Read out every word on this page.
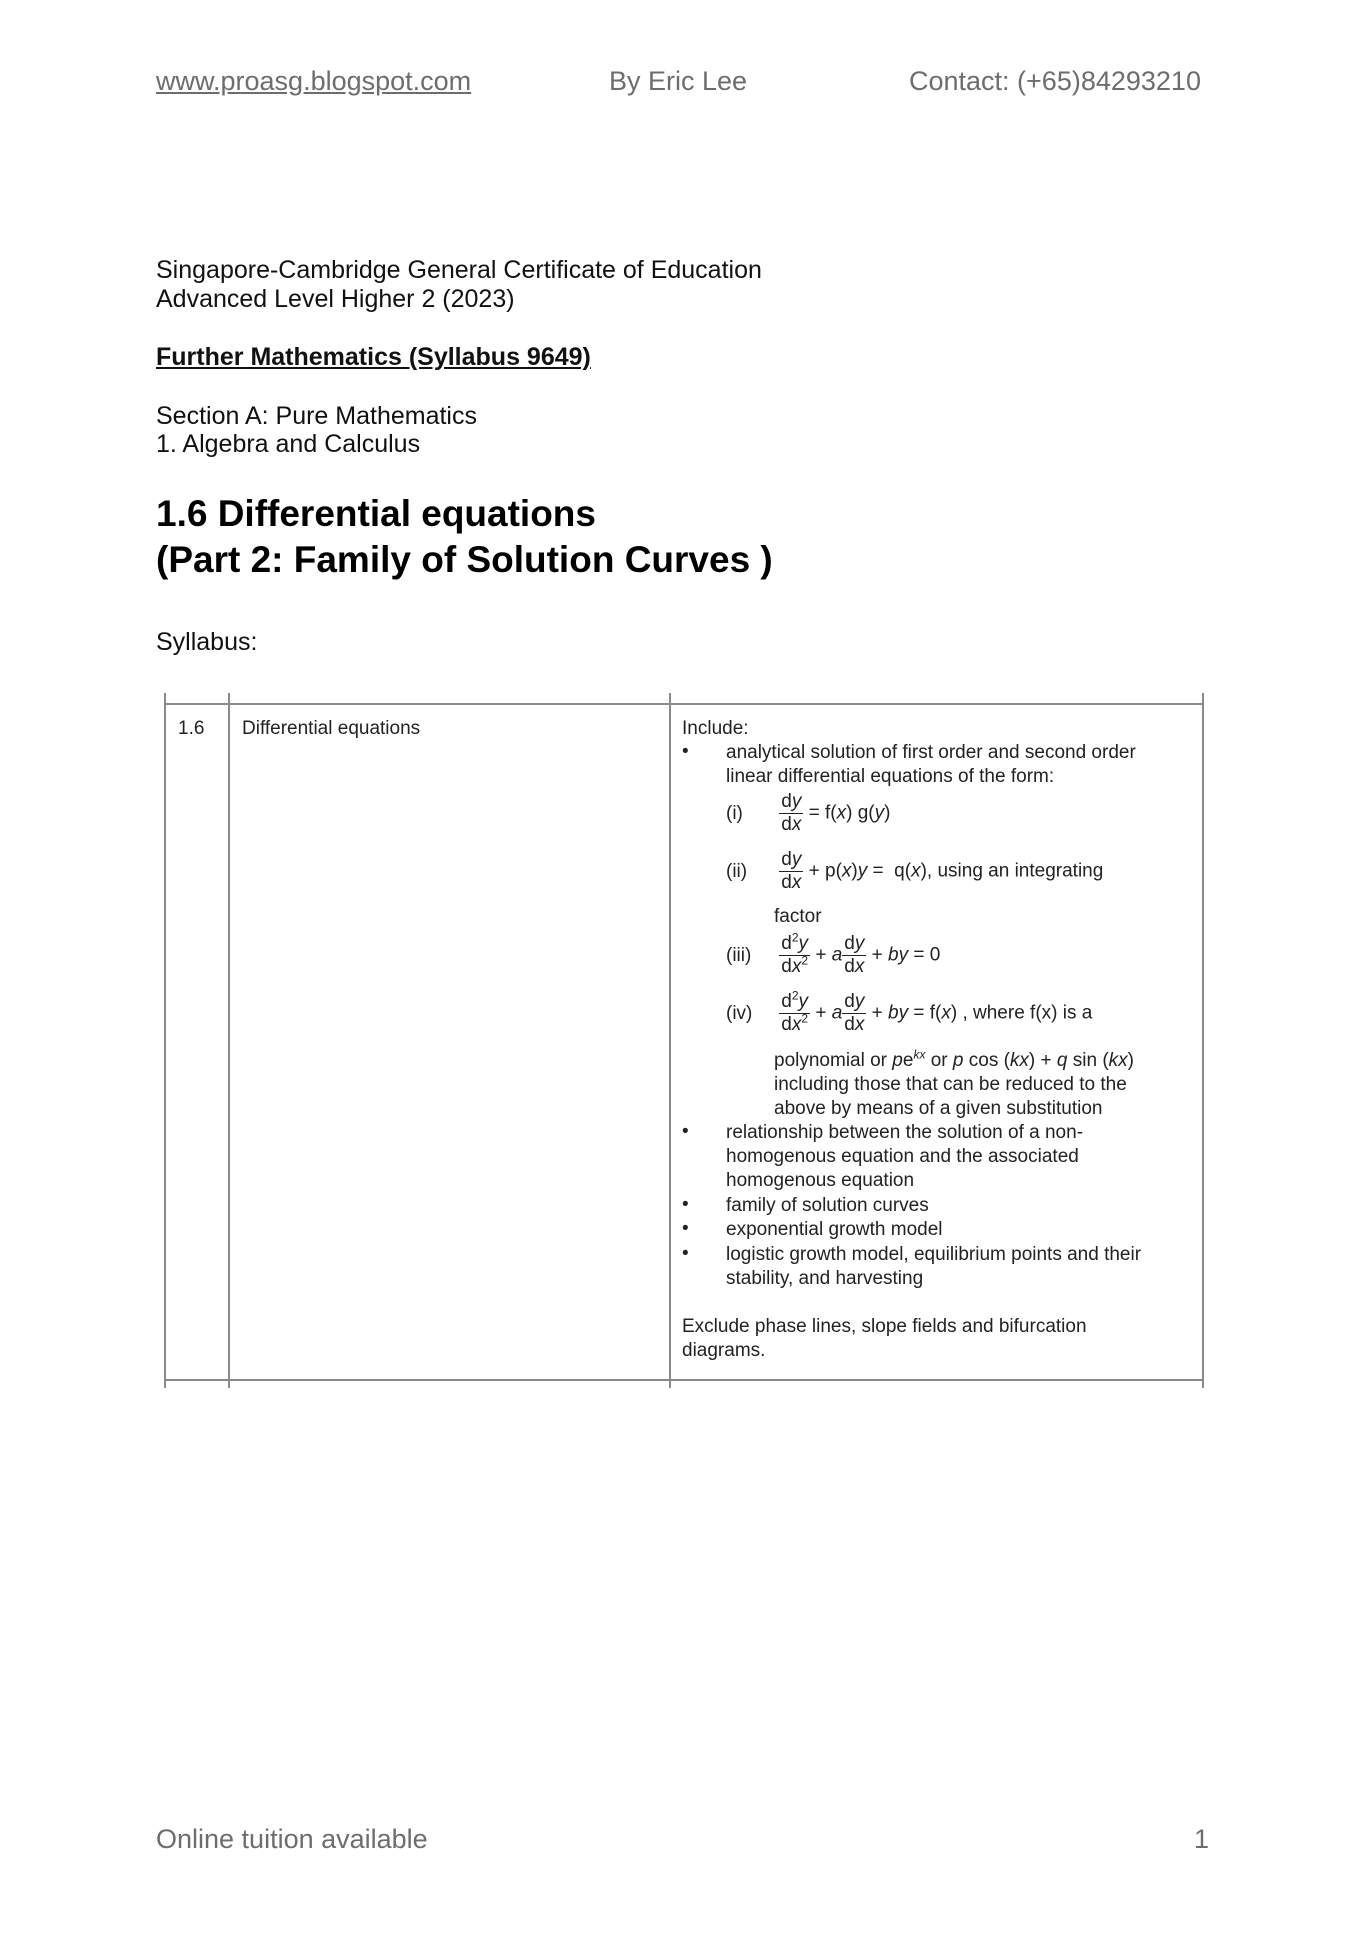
www.proasg.blogspot.com	By Eric Lee	Contact: (+65)84293210
Singapore-Cambridge General Certificate of Education
Advanced Level Higher 2 (2023)
Further Mathematics (Syllabus 9649)
Section A: Pure Mathematics
1. Algebra and Calculus
1.6 Differential equations
(Part 2: Family of Solution Curves )
Syllabus:
1.6 Differential equations	Include:
• analytical solution of first order and second order
linear differential equations of the form:
$(i) \frac{dy}{dx} = f(x)$ g(y)
$(ii) \frac{dy}{dx} + p(x)y = q(x)$, using an integrating
factor
$(iii) \frac{d^2y}{dx^2} + a \frac{dy}{dx}$ + by = 0
$(iv) \frac{d^2y}{dx^2} + a \frac{dy}{dx}$ + by = f(x) , where f(x) is a
polynomial or $pe^{kx}$ or p cos (kx) + q sin (kx)
including those that can be reduced to the
above by means of a given substitution
• relationship between the solution of a non-
homogenous equation and the associated
homogenous equation
• family of solution curves
• exponential growth model
• logistic growth model, equilibrium points and their
stability, and harvesting
Exclude phase lines, slope fields and bifurcation
diagrams.
Online tuition available	1
